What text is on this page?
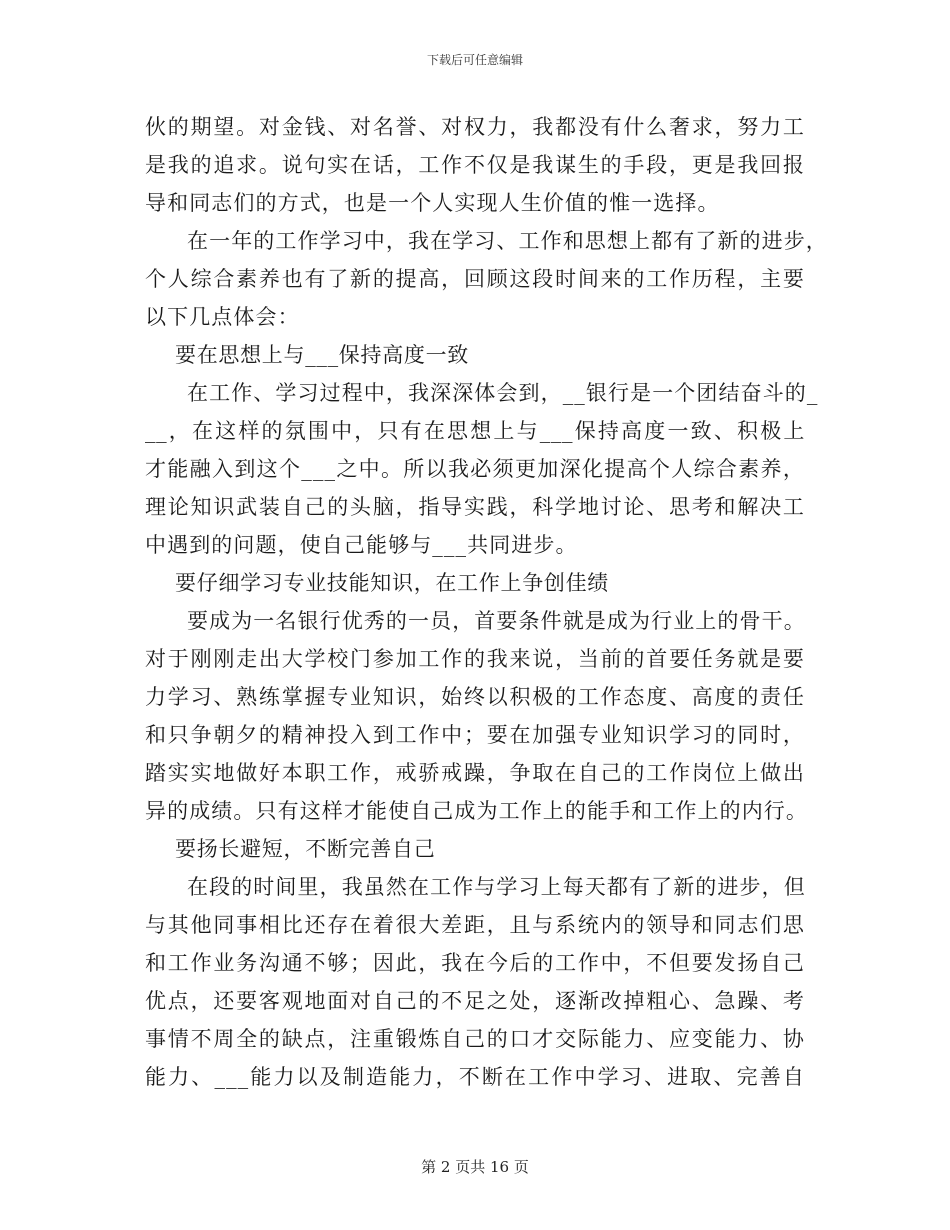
下载后可任意编辑
伙的期望。对金钱、对名誉、对权力，我都没有什么奢求，努力工
是我的追求。说句实在话，工作不仅是我谋生的手段，更是我回报
导和同志们的方式，也是一个人实现人生价值的惟一选择。
在一年的工作学习中，我在学习、工作和思想上都有了新的进步，
个人综合素养也有了新的提高，回顾这段时间来的工作历程，主要
以下几点体会：
要在思想上与___保持高度一致
在工作、学习过程中，我深深体会到，__银行是一个团结奋斗的_
__，在这样的氛围中，只有在思想上与___保持高度一致、积极上
才能融入到这个___之中。所以我必须更加深化提高个人综合素养，
理论知识武装自己的头脑，指导实践，科学地讨论、思考和解决工
中遇到的问题，使自己能够与___共同进步。
要仔细学习专业技能知识，在工作上争创佳绩
要成为一名银行优秀的一员，首要条件就是成为行业上的骨干。
对于刚刚走出大学校门参加工作的我来说，当前的首要任务就是要
力学习、熟练掌握专业知识，始终以积极的工作态度、高度的责任
和只争朝夕的精神投入到工作中；要在加强专业知识学习的同时，
踏实实地做好本职工作，戒骄戒躁，争取在自己的工作岗位上做出
异的成绩。只有这样才能使自己成为工作上的能手和工作上的内行。
要扬长避短，不断完善自己
在段的时间里，我虽然在工作与学习上每天都有了新的进步，但
与其他同事相比还存在着很大差距，且与系统内的领导和同志们思
和工作业务沟通不够；因此，我在今后的工作中，不但要发扬自己
优点，还要客观地面对自己的不足之处，逐渐改掉粗心、急躁、考
事情不周全的缺点，注重锻炼自己的口才交际能力、应变能力、协
能力、___能力以及制造能力，不断在工作中学习、进取、完善自
第 2 页共 16 页
